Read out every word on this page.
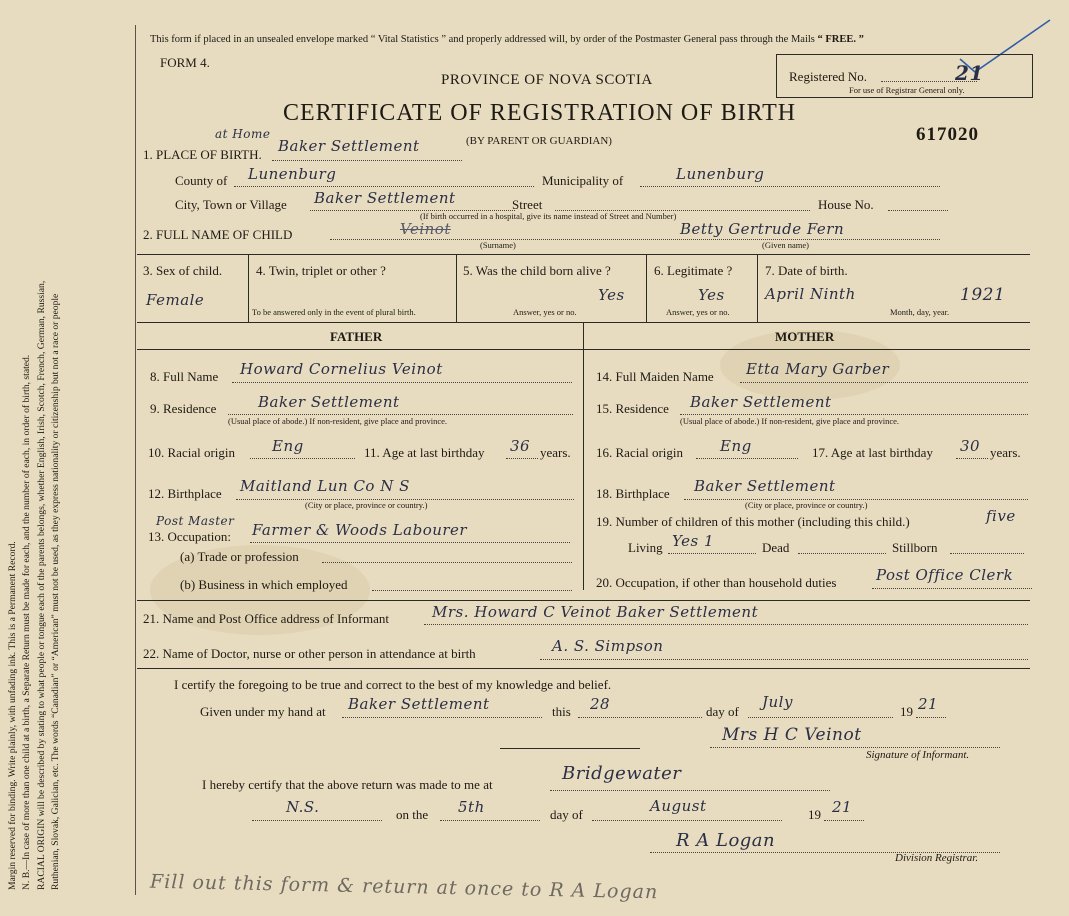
Margin reserved for binding. Write plainly, with unfading ink. This is a Permanent Record. N. B.—In case of more than one child at a birth, a Separate Return must be made for each, and the number of each, in order of birth, stated. RACIAL ORIGIN will be described by stating to what people or tongue each of the parents belongs, whether English, Irish, Scotch, French, German, Russian, Ruthenian, Slovak, Galician, etc. The words “Canadian” or “American” must not be used, as they express nationality or citizenship but not a race or people
This form if placed in an unsealed envelope marked “ Vital Statistics ” and properly addressed will, by order of the Postmaster General pass through the Mails “ FREE. ”
FORM 4.
PROVINCE OF NOVA SCOTIA
CERTIFICATE OF REGISTRATION OF BIRTH
Registered No.	21
For use of Registrar General only.
617020
1. PLACE OF BIRTH.
at Home
Baker Settlement	(BY PARENT OR GUARDIAN)
County of Lunenburg	Municipality of	Lunenburg
City, Town or Village Baker Settlement	Street	House No.
(If birth occurred in a hospital, give its name instead of Street and Number)
2. FULL NAME OF CHILD	Veinot
(Surname)
Betty Gertrude Fern
(Given name)
3. Sex of child.
Female
4. Twin, triplet or other ?
To be answered only in the event of plural birth.
5. Was the child born alive ?
Yes
Answer, yes or no.
6. Legitimate ?
Yes
Answer, yes or no.
7. Date of birth.
April Ninth	1921
Month, day, year.
FATHER	MOTHER
8. Full Name Howard Cornelius Veinot
9. Residence	Baker Settlement
(Usual place of abode.) If non-resident, give place and province.
10. Racial origin Eng	11. Age at last birthday 36 years.
12. Birthplace Maitland Lun Co N S
(City or place, province or country.)
Post Master
13. Occupation: Farmer & Woods Labourer
(a) Trade or profession
(b) Business in which employed
14. Full Maiden Name Etta Mary Garber
15. Residence Baker Settlement
(Usual place of abode.) If non-resident, give place and province.
16. Racial origin Eng	17. Age at last birthday 30 years.
18. Birthplace Baker Settlement
(City or place, province or country.)
19. Number of children of this mother (including this child.)	five
Living Yes 1	Dead	Stillborn
20. Occupation, if other than household duties	Post Office Clerk
21. Name and Post Office address of Informant	Mrs. Howard C Veinot Baker Settlement
22. Name of Doctor, nurse or other person in attendance at birth	A. S. Simpson
I certify the foregoing to be true and correct to the best of my knowledge and belief.
Given under my hand at Baker Settlement	this 28	day of
July
19 21
Mrs H C Veinot
Signature of Informant.
I hereby certify that the above return was made to me at
Bridgewater
N.S.	on the 5th	day of	August	19 21
R A Logan
Division Registrar.
Fill out this form & return at once to R A Logan
